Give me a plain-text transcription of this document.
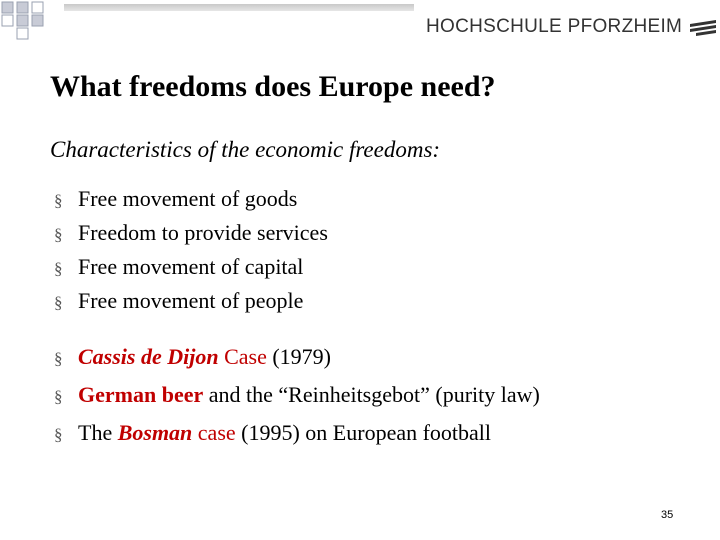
HOCHSCHULE PFORZHEIM
What freedoms does Europe need?

Characteristics of the economic freedoms:

§ Free movement of goods
§ Freedom to provide services
§ Free movement of capital
§ Free movement of people
§ Cassis de Dijon Case (1979)
§ German beer and the “Reinheitsgebot” (purity law)
§ The Bosman case (1995) on European football
35
